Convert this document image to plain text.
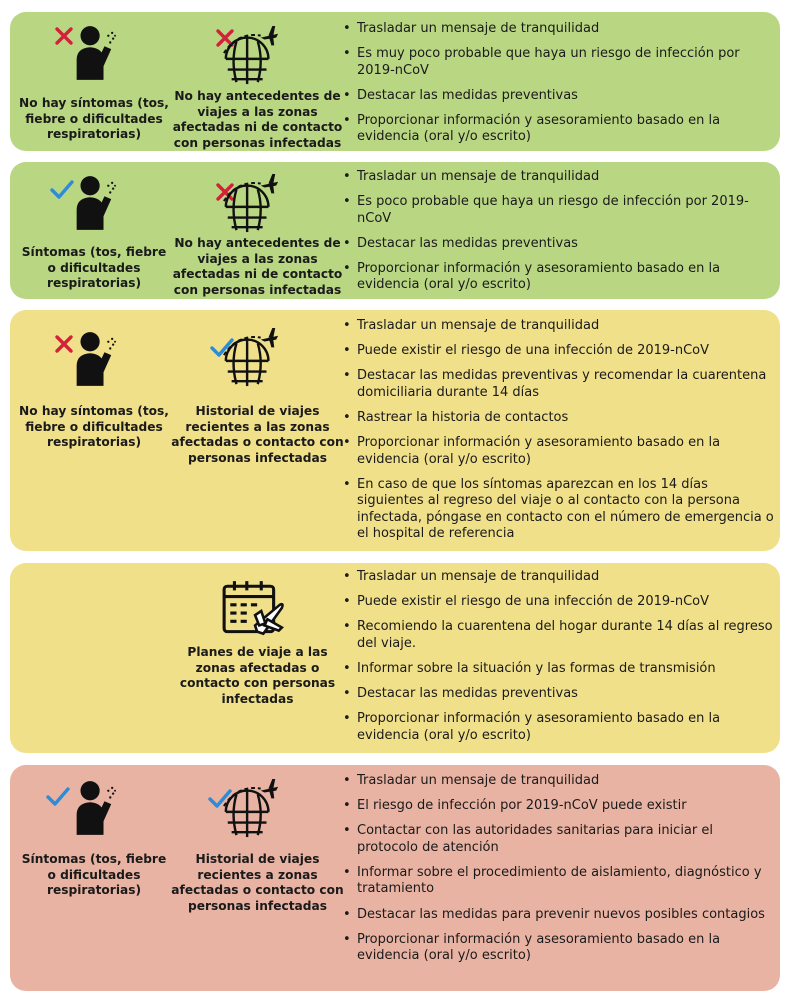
No hay síntomas (tos, fiebre o dificultades respiratorias)
No hay antecedentes de viajes a las zonas afectadas ni de contacto con personas infectadas
• Trasladar un mensaje de tranquilidad
• Es muy poco probable que haya un riesgo de infección por 2019-nCoV
• Destacar las medidas preventivas
• Proporcionar información y asesoramiento basado en la evidencia (oral y/o escrito)
Síntomas (tos, fiebre o dificultades respiratorias)
No hay antecedentes de viajes a las zonas afectadas ni de contacto con personas infectadas
• Trasladar un mensaje de tranquilidad
• Es poco probable que haya un riesgo de infección por 2019-nCoV
• Destacar las medidas preventivas
• Proporcionar información y asesoramiento basado en la evidencia (oral y/o escrito)
No hay síntomas (tos, fiebre o dificultades respiratorias)
Historial de viajes recientes a las zonas afectadas o contacto con personas infectadas
• Trasladar un mensaje de tranquilidad
• Puede existir el riesgo de una infección de 2019-nCoV
• Destacar las medidas preventivas y recomendar la cuarentena domiciliaria durante 14 días
• Rastrear la historia de contactos
• Proporcionar información y asesoramiento basado en la evidencia (oral y/o escrito)
• En caso de que los síntomas aparezcan en los 14 días siguientes al regreso del viaje o al contacto con la persona infectada, póngase en contacto con el número de emergencia o el hospital de referencia
Planes de viaje a las zonas afectadas o contacto con personas infectadas
• Trasladar un mensaje de tranquilidad
• Puede existir el riesgo de una infección de 2019-nCoV
• Recomiendo la cuarentena del hogar durante 14 días al regreso del viaje.
• Informar sobre la situación y las formas de transmisión
• Destacar las medidas preventivas
• Proporcionar información y asesoramiento basado en la evidencia (oral y/o escrito)
Síntomas (tos, fiebre o dificultades respiratorias)
Historial de viajes recientes a zonas afectadas o contacto con personas infectadas
• Trasladar un mensaje de tranquilidad
• El riesgo de infección por 2019-nCoV puede existir
• Contactar con las autoridades sanitarias para iniciar el protocolo de atención
• Informar sobre el procedimiento de aislamiento, diagnóstico y tratamiento
• Destacar las medidas para prevenir nuevos posibles contagios
• Proporcionar información y asesoramiento basado en la evidencia (oral y/o escrito)
